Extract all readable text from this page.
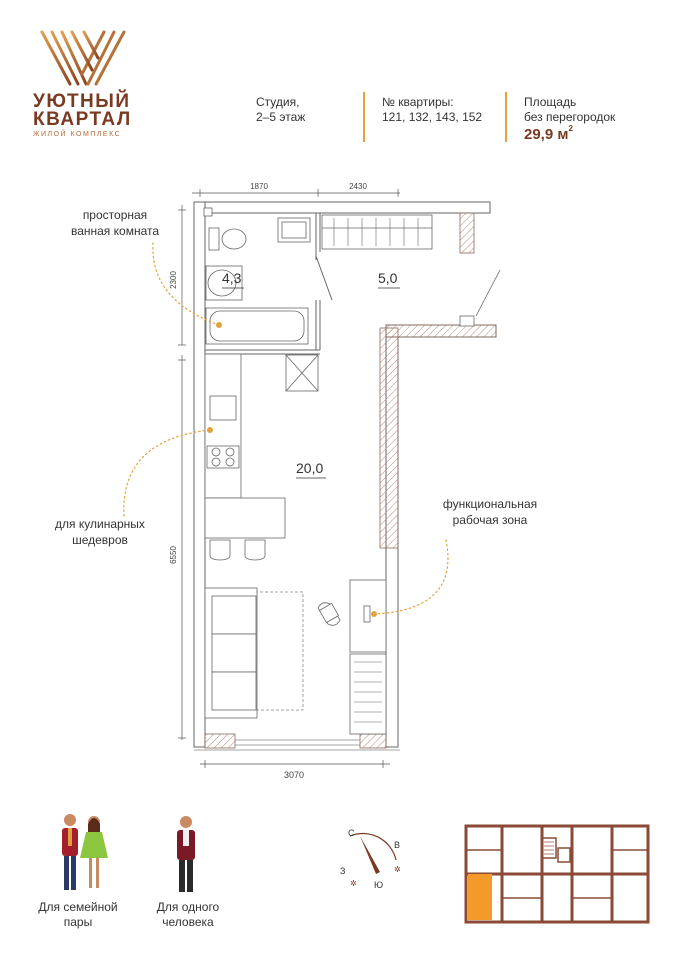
УЮТНЫЙ
КВАРТАЛ
ЖИЛОЙ КОМПЛЕКС
Студия,
2–5 этаж
№ квартиры:
121, 132, 143, 152
Площадь
без перегородок
29,9 $м^2$
1870	2430
2300
6550
3070
4,3	5,0
20,0
просторная
ванная комната
для кулинарных
шедевров
функциональная
рабочая зона
Для семейной
пары
Для одного
человека
С
В
Ю
З
✲
✲
